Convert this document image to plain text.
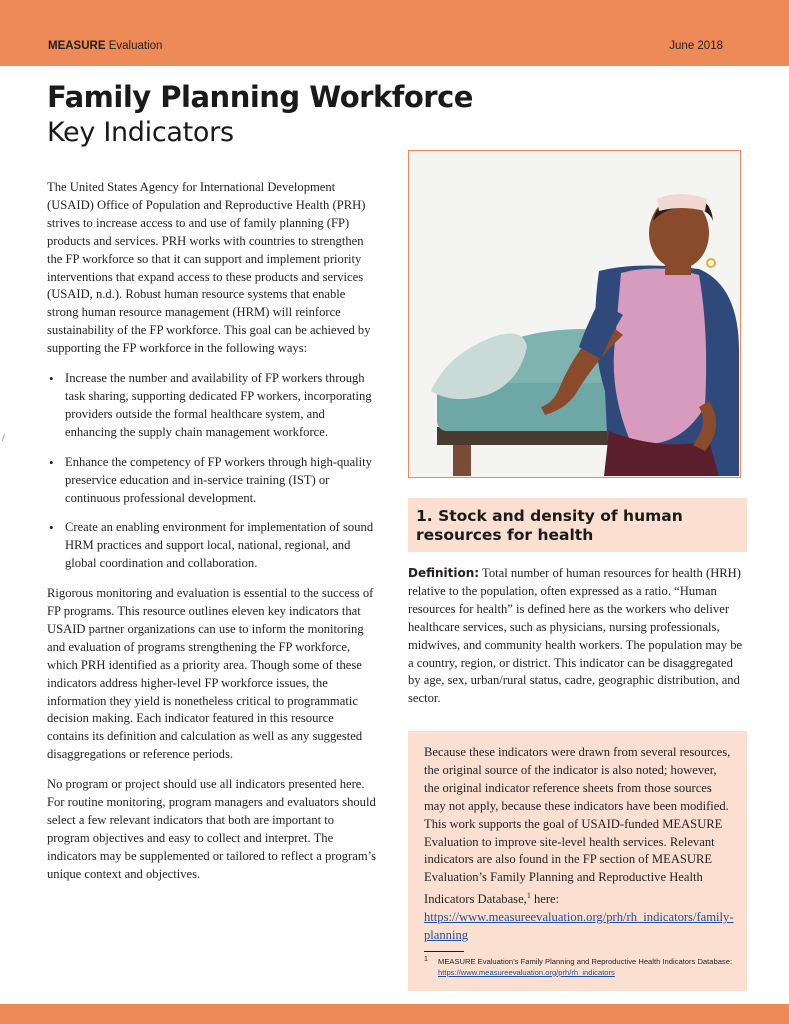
MEASURE Evaluation	June 2018
Family Planning Workforce
Key Indicators
/

The United States Agency for International Development (USAID) Office of Population and Reproductive Health (PRH) strives to increase access to and use of family planning (FP) products and services. PRH works with countries to strengthen the FP workforce so that it can support and implement priority interventions that expand access to these products and services (USAID, n.d.). Robust human resource systems that enable strong human resource management (HRM) will reinforce sustainability of the FP workforce. This goal can be achieved by supporting the FP workforce in the following ways:

• Increase the number and availability of FP workers through task sharing, supporting dedicated FP workers, incorporating providers outside the formal healthcare system, and enhancing the supply chain management workforce.
• Enhance the competency of FP workers through high-quality preservice education and in-service training (IST) or continuous professional development.
• Create an enabling environment for implementation of sound HRM practices and support local, national, regional, and global coordination and collaboration.

Rigorous monitoring and evaluation is essential to the success of FP programs. This resource outlines eleven key indicators that USAID partner organizations can use to inform the monitoring and evaluation of programs strengthening the FP workforce, which PRH identified as a priority area. Though some of these indicators address higher-level FP workforce issues, the information they yield is nonetheless critical to programmatic decision making. Each indicator featured in this resource contains its definition and calculation as well as any suggested disaggregations or reference periods.

No program or project should use all indicators presented here. For routine monitoring, program managers and evaluators should select a few relevant indicators that both are important to program objectives and easy to collect and interpret. The indicators may be supplemented or tailored to reflect a program’s unique context and objectives.

1. Stock and density of human resources for health

Definition: Total number of human resources for health (HRH) relative to the population, often expressed as a ratio. “Human resources for health” is defined here as the workers who deliver healthcare services, such as physicians, nursing professionals, midwives, and community health workers. The population may be a country, region, or district. This indicator can be disaggregated by age, sex, urban/rural status, cadre, geographic distribution, and sector.

Because these indicators were drawn from several resources, the original source of the indicator is also noted; however, the original indicator reference sheets from those sources may not apply, because these indicators have been modified. This work supports the goal of USAID-funded MEASURE Evaluation to improve site-level health services. Relevant indicators are also found in the FP section of MEASURE Evaluation’s Family Planning and Reproductive Health Indicators Database,$^1$ here: https://www.measureevaluation.org/prh/rh_indicators/family-planning

1 MEASURE Evaluation’s Family Planning and Reproductive Health Indicators Database: https://www.measureevaluation.org/prh/rh_indicators
